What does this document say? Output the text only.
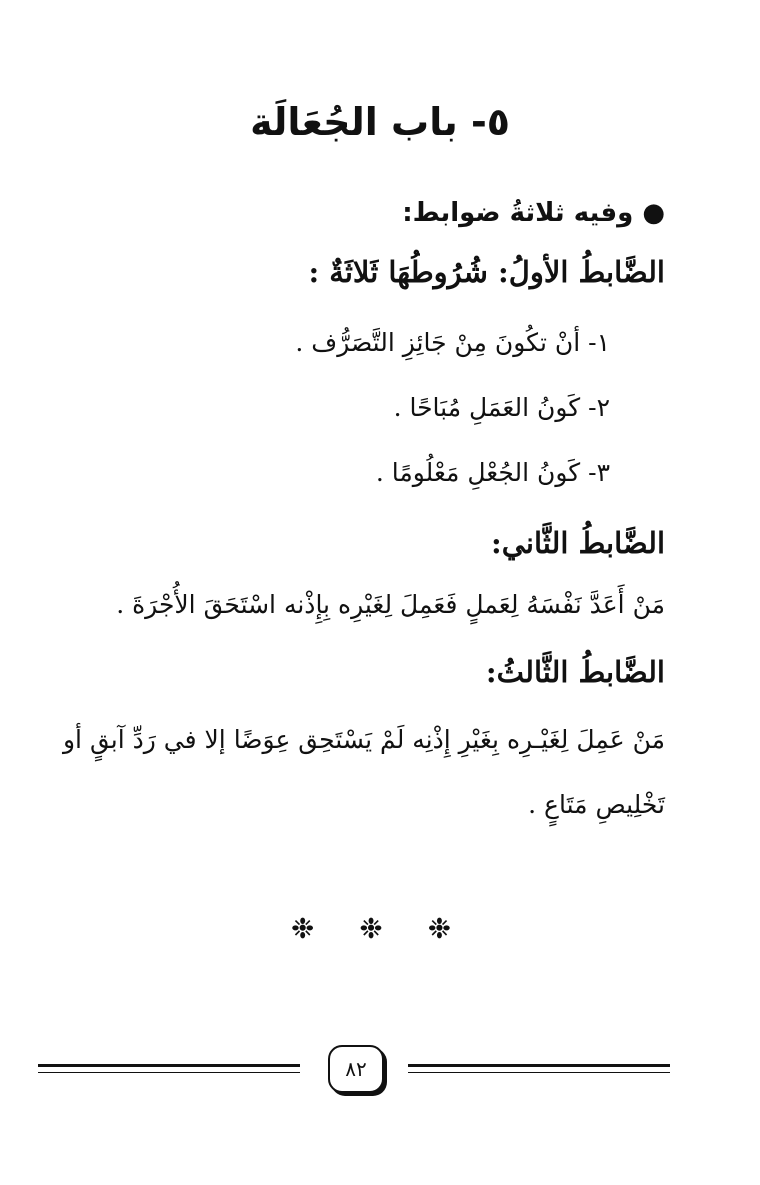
٥- باب الجُعَالَة
● وفيه ثلاثةُ ضوابط:
الضَّابطُ الأولُ: شُرُوطُهَا ثَلاثَةٌ :
١- أنْ تكُونَ مِنْ جَائِزِ التَّصَرُّف .
٢- كَونُ العَمَلِ مُبَاحًا .
٣- كَونُ الجُعْلِ مَعْلُومًا .
الضَّابطُ الثَّاني:
مَنْ أَعَدَّ نَفْسَهُ لِعَملٍ فَعَمِلَ لِغَيْرِه بِإِذْنه اسْتَحَقَ الأُجْرَةَ .
الضَّابطُ الثَّالثُ:
مَنْ عَمِلَ لِغَيْـرِه بِغَيْرِ إِذْنِه لَمْ يَسْتَحِق عِوَضًا إلا في رَدِّ آبقٍ أو
تَخْلِيصِ مَتَاعٍ .
❉ ❉ ❉
٨٢
